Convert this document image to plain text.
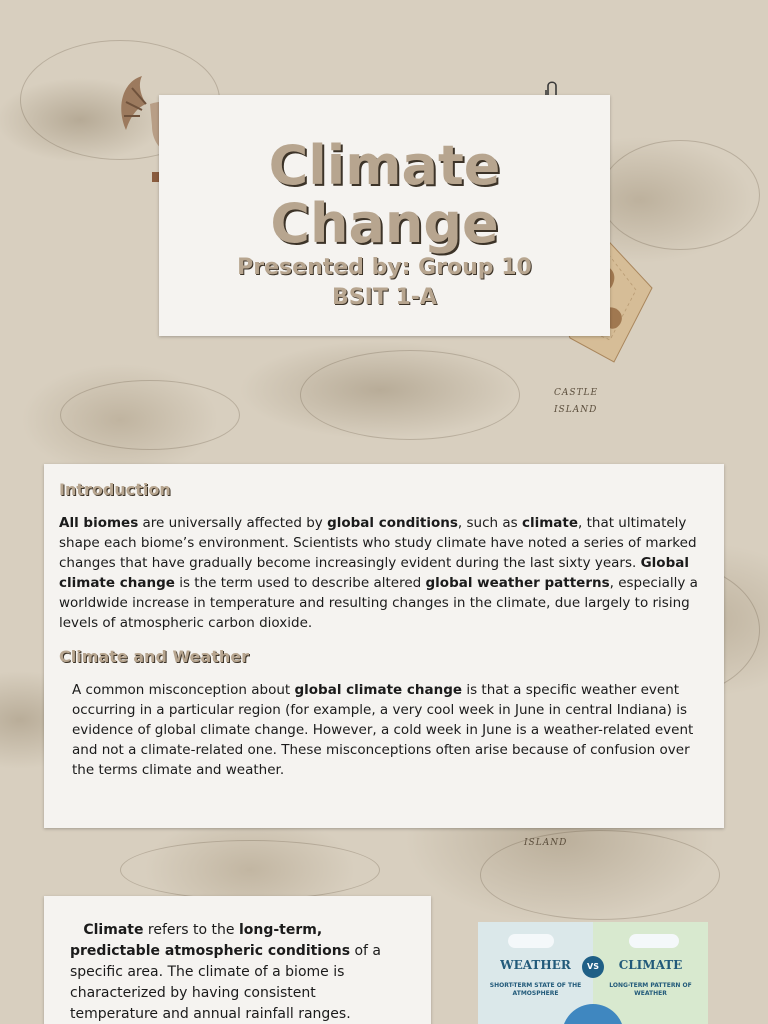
CASTLE
ISLAND
ISLAND
Climate
Change
Presented by: Group 10
BSIT 1-A
Introduction

All biomes are universally affected by global conditions, such as climate, that ultimately shape each biome’s environment. Scientists who study climate have noted a series of marked changes that have gradually become increasingly evident during the last sixty years. Global climate change is the term used to describe altered global weather patterns, especially a worldwide increase in temperature and resulting changes in the climate, due largely to rising levels of atmospheric carbon dioxide.

Climate and Weather

A common misconception about global climate change is that a specific weather event occurring in a particular region (for example, a very cool week in June in central Indiana) is evidence of global climate change. However, a cold week in June is a weather-related event and not a climate-related one. These misconceptions often arise because of confusion over the terms climate and weather.

Climate refers to the long-term, predictable atmospheric conditions of a specific area. The climate of a biome is characterized by having consistent temperature and annual rainfall ranges.

WEATHER
SHORT-TERM STATE OF THE ATMOSPHERE
CLIMATE
LONG-TERM PATTERN OF WEATHER
VS
